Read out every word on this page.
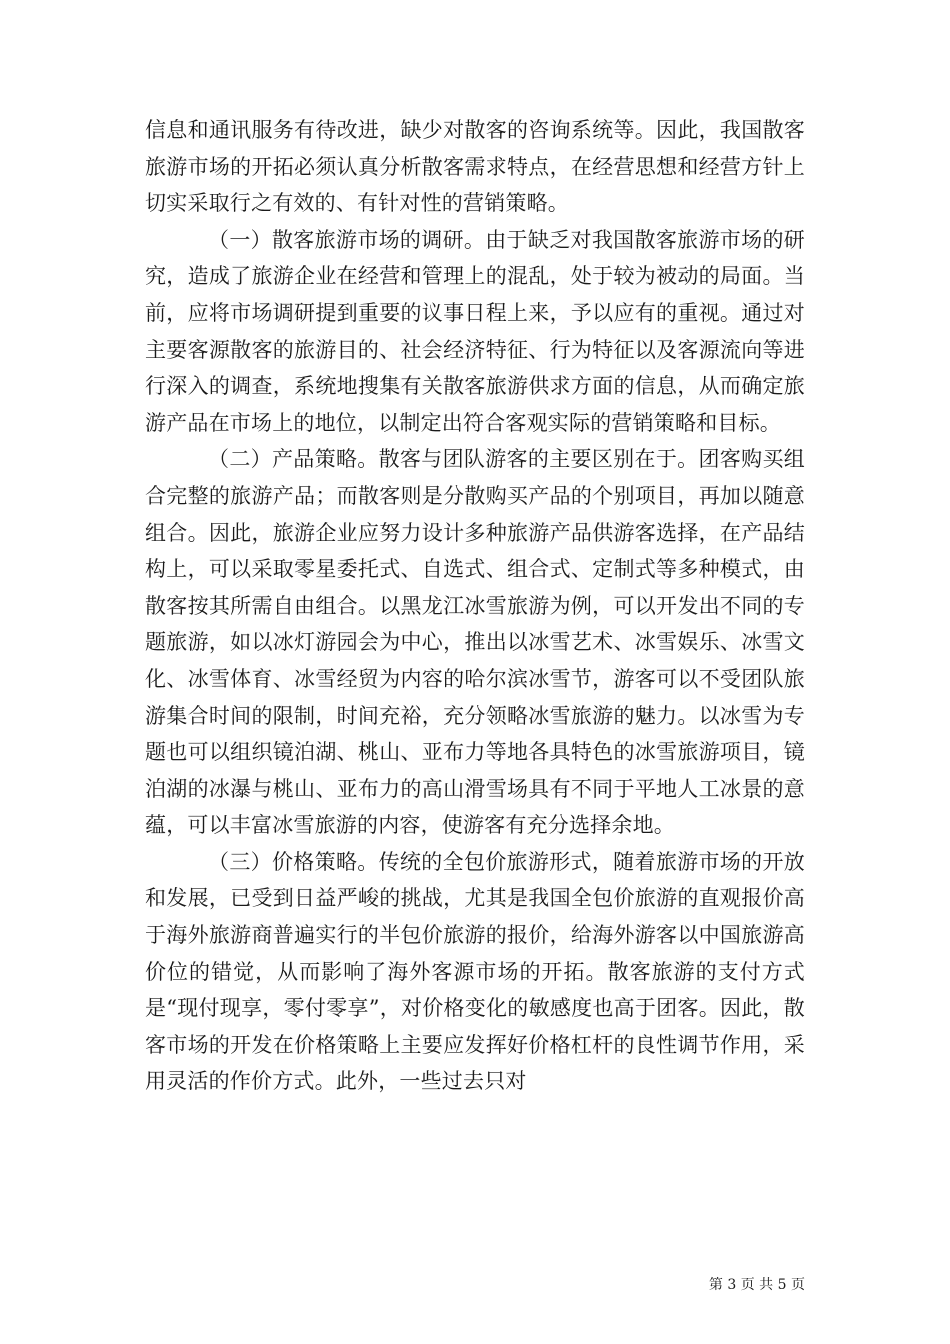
信息和通讯服务有待改进，缺少对散客的咨询系统等。因此，我国散客旅游市场的开拓必须认真分析散客需求特点，在经营思想和经营方针上切实采取行之有效的、有针对性的营销策略。

（一）散客旅游市场的调研。由于缺乏对我国散客旅游市场的研究，造成了旅游企业在经营和管理上的混乱，处于较为被动的局面。当前，应将市场调研提到重要的议事日程上来，予以应有的重视。通过对主要客源散客的旅游目的、社会经济特征、行为特征以及客源流向等进行深入的调查，系统地搜集有关散客旅游供求方面的信息，从而确定旅游产品在市场上的地位，以制定出符合客观实际的营销策略和目标。

（二）产品策略。散客与团队游客的主要区别在于。团客购买组合完整的旅游产品；而散客则是分散购买产品的个别项目，再加以随意组合。因此，旅游企业应努力设计多种旅游产品供游客选择，在产品结构上，可以采取零星委托式、自选式、组合式、定制式等多种模式，由散客按其所需自由组合。以黑龙江冰雪旅游为例，可以开发出不同的专题旅游，如以冰灯游园会为中心，推出以冰雪艺术、冰雪娱乐、冰雪文化、冰雪体育、冰雪经贸为内容的哈尔滨冰雪节，游客可以不受团队旅游集合时间的限制，时间充裕，充分领略冰雪旅游的魅力。以冰雪为专题也可以组织镜泊湖、桃山、亚布力等地各具特色的冰雪旅游项目，镜泊湖的冰瀑与桃山、亚布力的高山滑雪场具有不同于平地人工冰景的意蕴，可以丰富冰雪旅游的内容，使游客有充分选择余地。

（三）价格策略。传统的全包价旅游形式，随着旅游市场的开放和发展，已受到日益严峻的挑战，尤其是我国全包价旅游的直观报价高于海外旅游商普遍实行的半包价旅游的报价，给海外游客以中国旅游高价位的错觉，从而影响了海外客源市场的开拓。散客旅游的支付方式是“现付现享，零付零享”，对价格变化的敏感度也高于团客。因此，散客市场的开发在价格策略上主要应发挥好价格杠杆的良性调节作用，采用灵活的作价方式。此外，一些过去只对

第 3 页 共 5 页
